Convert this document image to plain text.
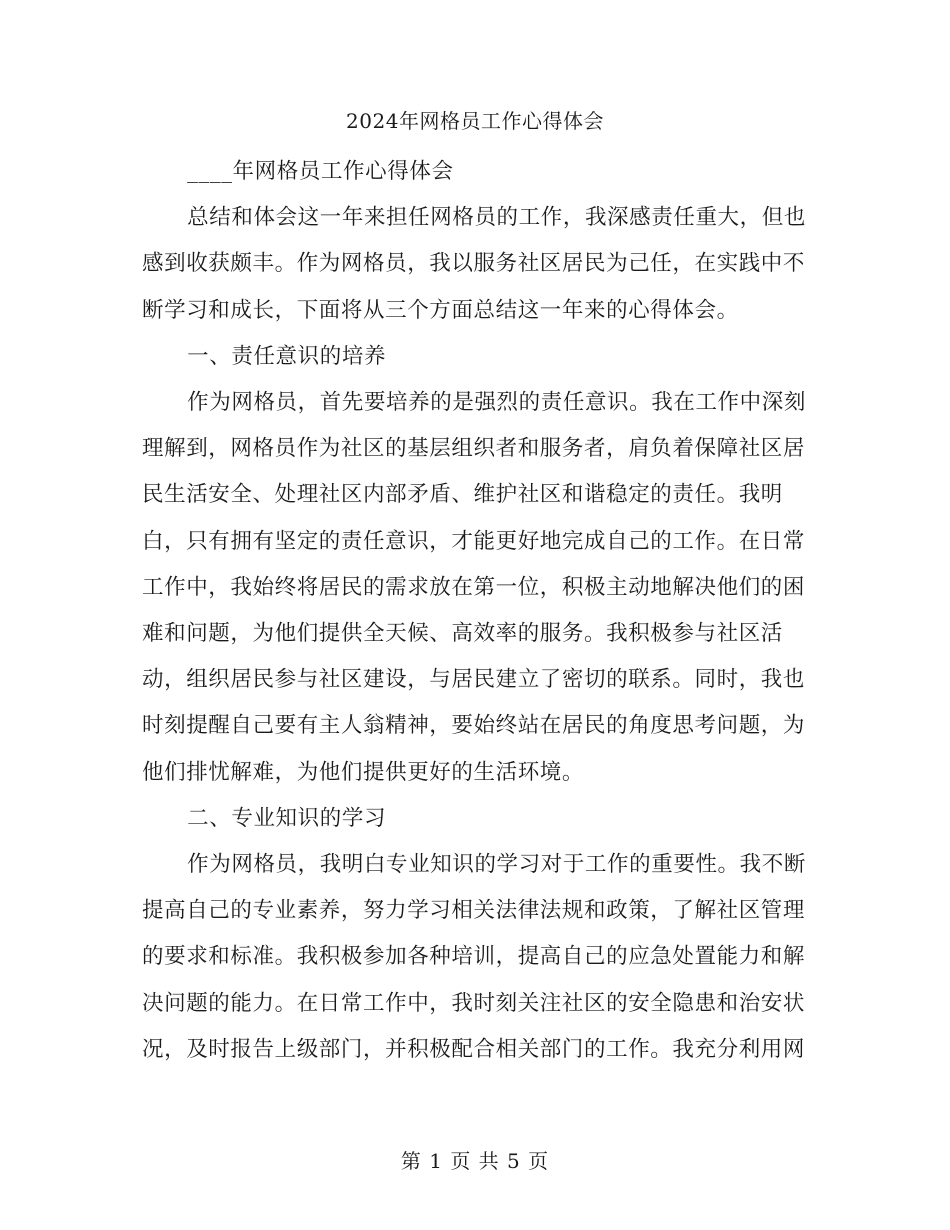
2024年网格员工作心得体会
____年网格员工作心得体会
总结和体会这一年来担任网格员的工作，我深感责任重大，但也
感到收获颇丰。作为网格员，我以服务社区居民为己任，在实践中不
断学习和成长，下面将从三个方面总结这一年来的心得体会。
一、责任意识的培养
作为网格员，首先要培养的是强烈的责任意识。我在工作中深刻
理解到，网格员作为社区的基层组织者和服务者，肩负着保障社区居
民生活安全、处理社区内部矛盾、维护社区和谐稳定的责任。我明
白，只有拥有坚定的责任意识，才能更好地完成自己的工作。在日常
工作中，我始终将居民的需求放在第一位，积极主动地解决他们的困
难和问题，为他们提供全天候、高效率的服务。我积极参与社区活
动，组织居民参与社区建设，与居民建立了密切的联系。同时，我也
时刻提醒自己要有主人翁精神，要始终站在居民的角度思考问题，为
他们排忧解难，为他们提供更好的生活环境。
二、专业知识的学习
作为网格员，我明白专业知识的学习对于工作的重要性。我不断
提高自己的专业素养，努力学习相关法律法规和政策，了解社区管理
的要求和标准。我积极参加各种培训，提高自己的应急处置能力和解
决问题的能力。在日常工作中，我时刻关注社区的安全隐患和治安状
况，及时报告上级部门，并积极配合相关部门的工作。我充分利用网
第 1 页 共 5 页
